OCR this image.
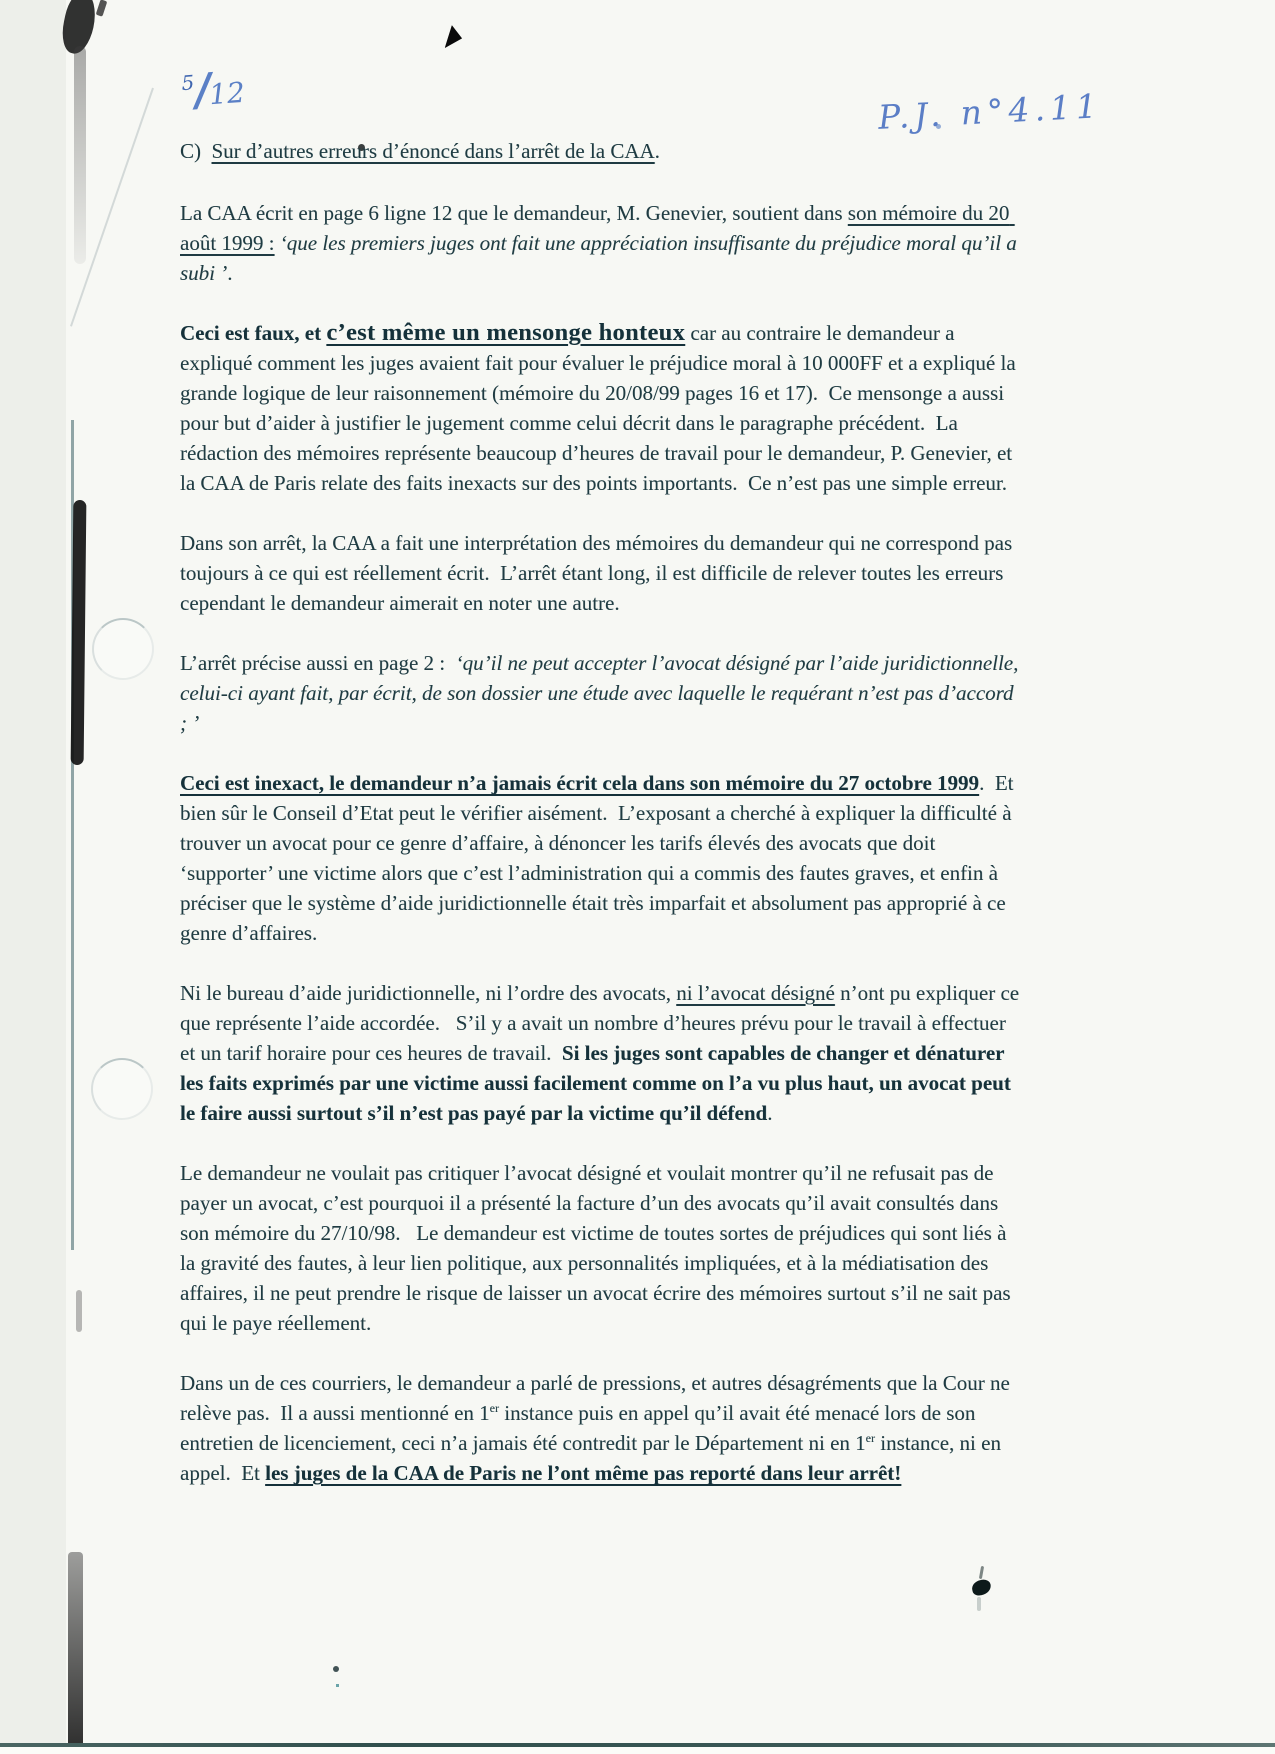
5/12	P.J. n°4.11

C)  Sur d’autres erreurs d’énoncé dans l’arrêt de la CAA.

La CAA écrit en page 6 ligne 12 que le demandeur, M. Genevier, soutient dans son mémoire du 20 août 1999 : ‘que les premiers juges ont fait une appréciation insuffisante du préjudice moral qu’il a subi ’.

Ceci est faux, et c’est même un mensonge honteux car au contraire le demandeur a expliqué comment les juges avaient fait pour évaluer le préjudice moral à 10 000FF et a expliqué la grande logique de leur raisonnement (mémoire du 20/08/99 pages 16 et 17).  Ce mensonge a aussi pour but d’aider à justifier le jugement comme celui décrit dans le paragraphe précédent.  La rédaction des mémoires représente beaucoup d’heures de travail pour le demandeur, P. Genevier, et la CAA de Paris relate des faits inexacts sur des points importants.  Ce n’est pas une simple erreur.

Dans son arrêt, la CAA a fait une interprétation des mémoires du demandeur qui ne correspond pas toujours à ce qui est réellement écrit.  L’arrêt étant long, il est difficile de relever toutes les erreurs cependant le demandeur aimerait en noter une autre.

L’arrêt précise aussi en page 2 :  ‘qu’il ne peut accepter l’avocat désigné par l’aide juridictionnelle, celui-ci ayant fait, par écrit, de son dossier une étude avec laquelle le requérant n’est pas d’accord ; ’

Ceci est inexact, le demandeur n’a jamais écrit cela dans son mémoire du 27 octobre 1999.  Et bien sûr le Conseil d’Etat peut le vérifier aisément.  L’exposant a cherché à expliquer la difficulté à trouver un avocat pour ce genre d’affaire, à dénoncer les tarifs élevés des avocats que doit ‘supporter’ une victime alors que c’est l’administration qui a commis des fautes graves, et enfin à préciser que le système d’aide juridictionnelle était très imparfait et absolument pas approprié à ce genre d’affaires.

Ni le bureau d’aide juridictionnelle, ni l’ordre des avocats, ni l’avocat désigné n’ont pu expliquer ce que représente l’aide accordée.   S’il y a avait un nombre d’heures prévu pour le travail à effectuer et un tarif horaire pour ces heures de travail.  Si les juges sont capables de changer et dénaturer les faits exprimés par une victime aussi facilement comme on l’a vu plus haut, un avocat peut le faire aussi surtout s’il n’est pas payé par la victime qu’il défend.

Le demandeur ne voulait pas critiquer l’avocat désigné et voulait montrer qu’il ne refusait pas de payer un avocat, c’est pourquoi il a présenté la facture d’un des avocats qu’il avait consultés dans son mémoire du 27/10/98.   Le demandeur est victime de toutes sortes de préjudices qui sont liés à la gravité des fautes, à leur lien politique, aux personnalités impliquées, et à la médiatisation des affaires, il ne peut prendre le risque de laisser un avocat écrire des mémoires surtout s’il ne sait pas qui le paye réellement.

Dans un de ces courriers, le demandeur a parlé de pressions, et autres désagréments que la Cour ne relève pas.  Il a aussi mentionné en 1er instance puis en appel qu’il avait été menacé lors de son entretien de licenciement, ceci n’a jamais été contredit par le Département ni en 1er instance, ni en appel.  Et les juges de la CAA de Paris ne l’ont même pas reporté dans leur arrêt!
